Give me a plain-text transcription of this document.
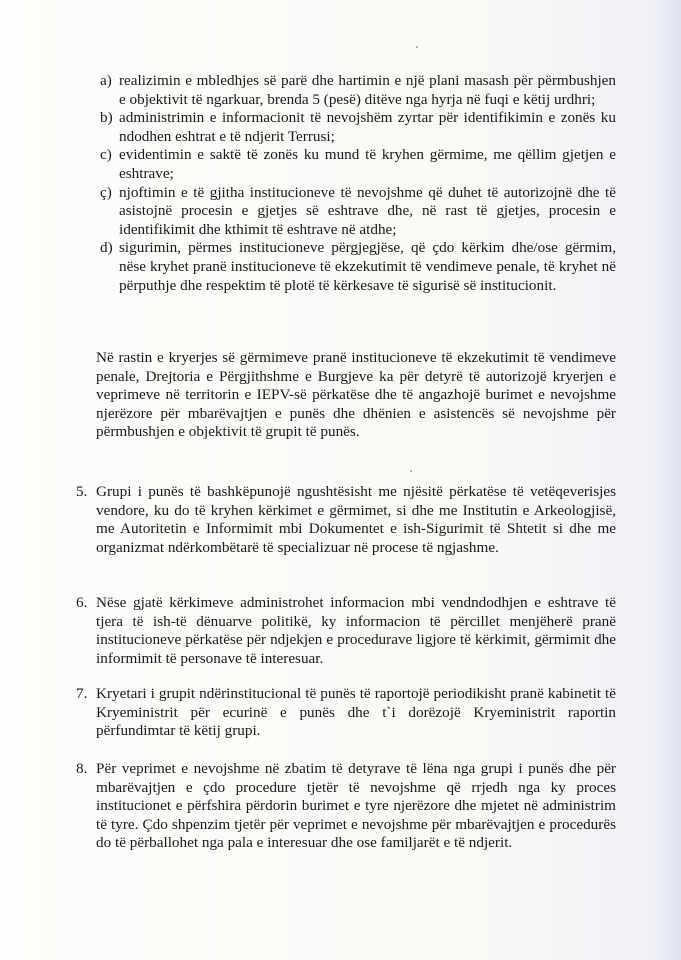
a) realizimin e mbledhjes së parë dhe hartimin e një plani masash për përmbushjen e objektivit të ngarkuar, brenda 5 (pesë) ditëve nga hyrja në fuqi e këtij urdhri;
b) administrimin e informacionit të nevojshëm zyrtar për identifikimin e zonës ku ndodhen eshtrat e të ndjerit Terrusi;
c) evidentimin e saktë të zonës ku mund të kryhen gërmime, me qëllim gjetjen e eshtrave;
ç) njoftimin e të gjitha institucioneve të nevojshme që duhet të autorizojnë dhe të asistojnë procesin e gjetjes së eshtrave dhe, në rast të gjetjes, procesin e identifikimit dhe kthimit të eshtrave në atdhe;
d) sigurimin, përmes institucioneve përgjegjëse, që çdo kërkim dhe/ose gërmim, nëse kryhet pranë institucioneve të ekzekutimit të vendimeve penale, të kryhet në përputhje dhe respektim të plotë të kërkesave të sigurisë së institucionit.

Në rastin e kryerjes së gërmimeve pranë institucioneve të ekzekutimit të vendimeve penale, Drejtoria e Përgjithshme e Burgjeve ka për detyrë të autorizojë kryerjen e veprimeve në territorin e IEPV-së përkatëse dhe të angazhojë burimet e nevojshme njerëzore për mbarëvajtjen e punës dhe dhënien e asistencës së nevojshme për përmbushjen e objektivit të grupit të punës.

5. Grupi i punës të bashkëpunojë ngushtësisht me njësitë përkatëse të vetëqeverisjes vendore, ku do të kryhen kërkimet e gërmimet, si dhe me Institutin e Arkeologjisë, me Autoritetin e Informimit mbi Dokumentet e ish-Sigurimit të Shtetit si dhe me organizmat ndërkombëtarë të specializuar në procese të ngjashme.
6. Nëse gjatë kërkimeve administrohet informacion mbi vendndodhjen e eshtrave të tjera të ish-të dënuarve politikë, ky informacion të përcillet menjëherë pranë institucioneve përkatëse për ndjekjen e procedurave ligjore të kërkimit, gërmimit dhe informimit të personave të interesuar.
7. Kryetari i grupit ndërinstitucional të punës të raportojë periodikisht pranë kabinetit të Kryeministrit për ecurinë e punës dhe t`i dorëzojë Kryeministrit raportin përfundimtar të këtij grupi.
8. Për veprimet e nevojshme në zbatim të detyrave të lëna nga grupi i punës dhe për mbarëvajtjen e çdo procedure tjetër të nevojshme që rrjedh nga ky proces institucionet e përfshira përdorin burimet e tyre njerëzore dhe mjetet në administrim të tyre. Çdo shpenzim tjetër për veprimet e nevojshme për mbarëvajtjen e procedurës do të përballohet nga pala e interesuar dhe ose familjarët e të ndjerit.
